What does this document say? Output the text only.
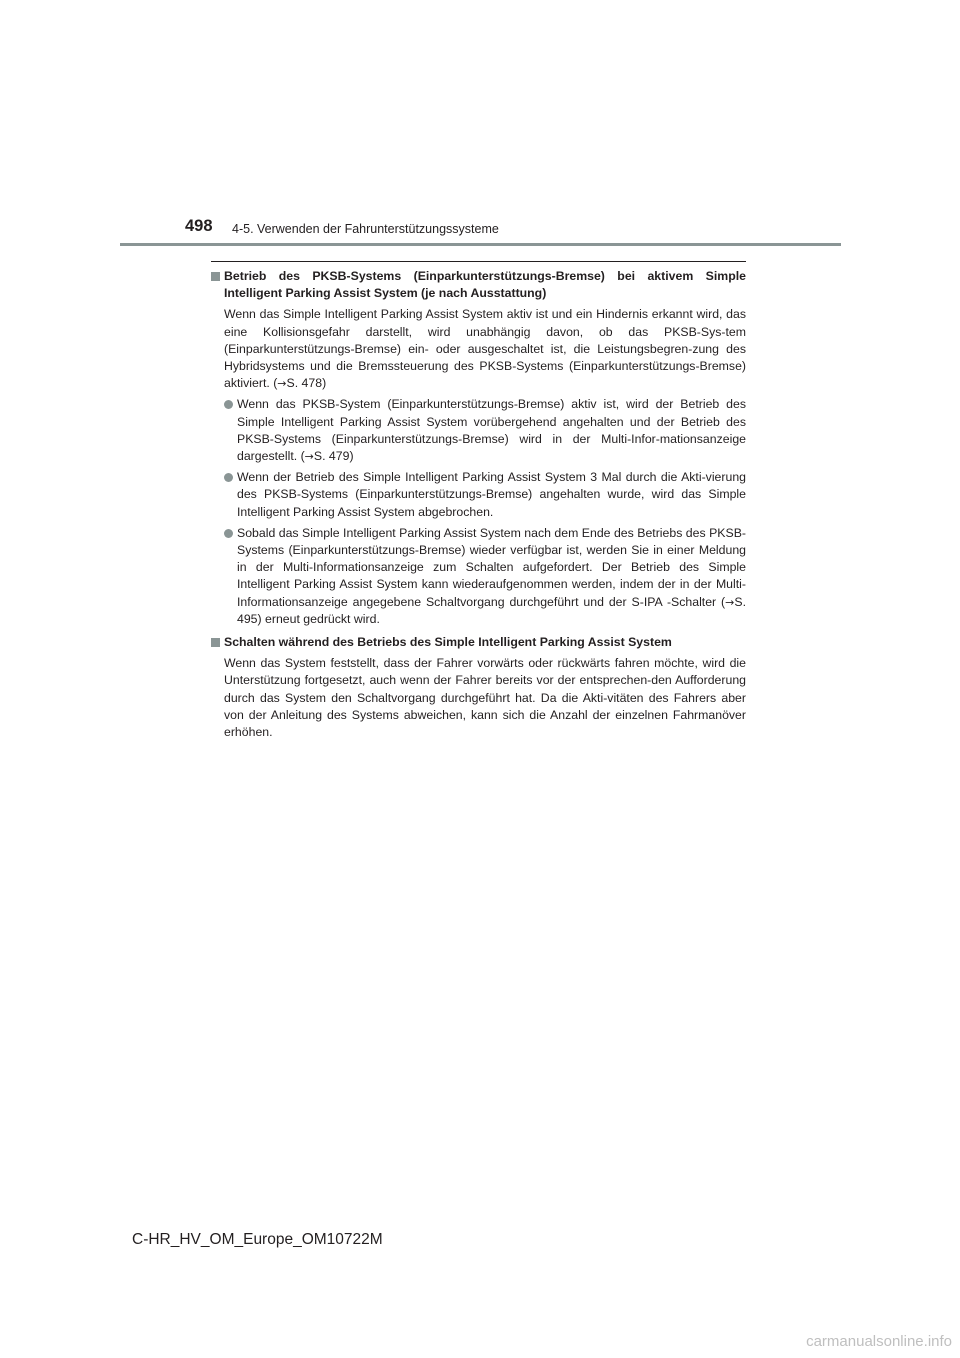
498 4-5. Verwenden der Fahrunterstützungssysteme
Betrieb des PKSB-Systems (Einparkunterstützungs-Bremse) bei aktivem Simple Intelligent Parking Assist System (je nach Ausstattung)

Wenn das Simple Intelligent Parking Assist System aktiv ist und ein Hindernis erkannt wird, das eine Kollisionsgefahr darstellt, wird unabhängig davon, ob das PKSB-Sys-tem (Einparkunterstützungs-Bremse) ein- oder ausgeschaltet ist, die Leistungsbegren-zung des Hybridsystems und die Bremssteuerung des PKSB-Systems (Einparkunterstützungs-Bremse) aktiviert. (→S. 478)

Wenn das PKSB-System (Einparkunterstützungs-Bremse) aktiv ist, wird der Betrieb des Simple Intelligent Parking Assist System vorübergehend angehalten und der Betrieb des PKSB-Systems (Einparkunterstützungs-Bremse) wird in der Multi-Infor-mationsanzeige dargestellt. (→S. 479)

Wenn der Betrieb des Simple Intelligent Parking Assist System 3 Mal durch die Akti-vierung des PKSB-Systems (Einparkunterstützungs-Bremse) angehalten wurde, wird das Simple Intelligent Parking Assist System abgebrochen.

Sobald das Simple Intelligent Parking Assist System nach dem Ende des Betriebs des PKSB-Systems (Einparkunterstützungs-Bremse) wieder verfügbar ist, werden Sie in einer Meldung in der Multi-Informationsanzeige zum Schalten aufgefordert. Der Betrieb des Simple Intelligent Parking Assist System kann wiederaufgenommen werden, indem der in der Multi-Informationsanzeige angegebene Schaltvorgang durchgeführt und der S-IPA -Schalter (→S. 495) erneut gedrückt wird.

Schalten während des Betriebs des Simple Intelligent Parking Assist System

Wenn das System feststellt, dass der Fahrer vorwärts oder rückwärts fahren möchte, wird die Unterstützung fortgesetzt, auch wenn der Fahrer bereits vor der entsprechen-den Aufforderung durch das System den Schaltvorgang durchgeführt hat. Da die Akti-vitäten des Fahrers aber von der Anleitung des Systems abweichen, kann sich die Anzahl der einzelnen Fahrmanöver erhöhen.

C-HR_HV_OM_Europe_OM10722M
carmanualsonline.info
